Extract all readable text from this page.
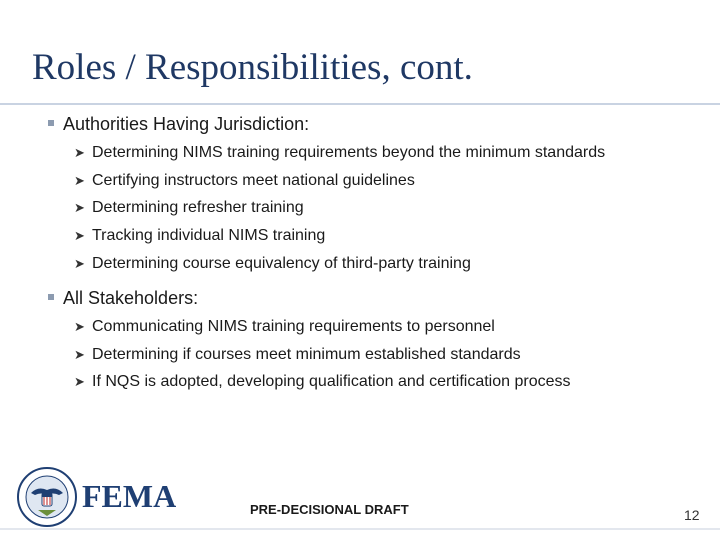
Roles / Responsibilities, cont.
Authorities Having Jurisdiction:
➤ Determining NIMS training requirements beyond the minimum standards
➤ Certifying instructors meet national guidelines
➤ Determining refresher training
➤ Tracking individual NIMS training
➤ Determining course equivalency of third-party training
All Stakeholders:
➤ Communicating NIMS training requirements to personnel
➤ Determining if courses meet minimum established standards
➤ If NQS is adopted, developing qualification and certification process
FEMA	PRE-DECISIONAL DRAFT	12
